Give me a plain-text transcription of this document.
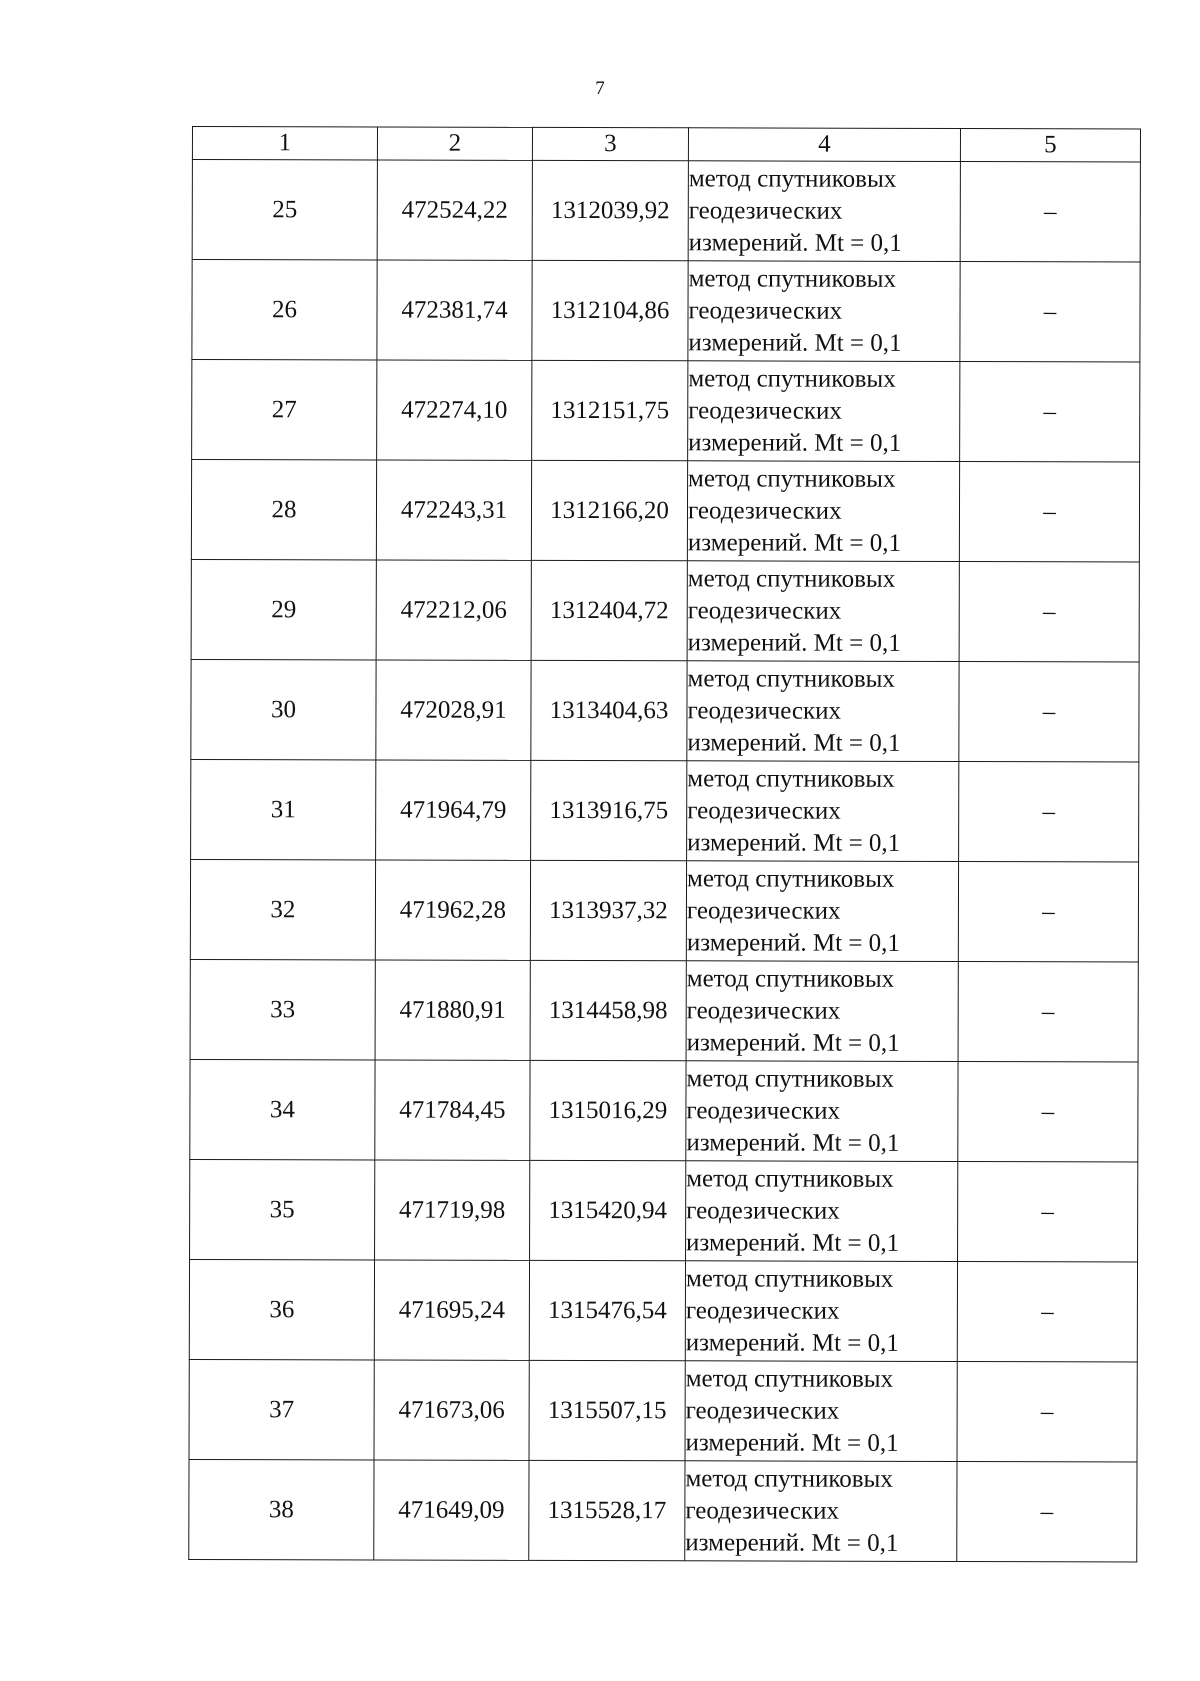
7
1	2	3	4	5
25	472524,22	1312039,92	метод спутниковых
геодезических
измерений. Mt = 0,1	–
26	472381,74	1312104,86	метод спутниковых
геодезических
измерений. Mt = 0,1	–
27	472274,10	1312151,75	метод спутниковых
геодезических
измерений. Mt = 0,1	–
28	472243,31	1312166,20	метод спутниковых
геодезических
измерений. Mt = 0,1	–
29	472212,06	1312404,72	метод спутниковых
геодезических
измерений. Mt = 0,1	–
30	472028,91	1313404,63	метод спутниковых
геодезических
измерений. Mt = 0,1	–
31	471964,79	1313916,75	метод спутниковых
геодезических
измерений. Mt = 0,1	–
32	471962,28	1313937,32	метод спутниковых
геодезических
измерений. Mt = 0,1	–
33	471880,91	1314458,98	метод спутниковых
геодезических
измерений. Mt = 0,1	–
34	471784,45	1315016,29	метод спутниковых
геодезических
измерений. Mt = 0,1	–
35	471719,98	1315420,94	метод спутниковых
геодезических
измерений. Mt = 0,1	–
36	471695,24	1315476,54	метод спутниковых
геодезических
измерений. Mt = 0,1	–
37	471673,06	1315507,15	метод спутниковых
геодезических
измерений. Mt = 0,1	–
38	471649,09	1315528,17	метод спутниковых
геодезических
измерений. Mt = 0,1	–
